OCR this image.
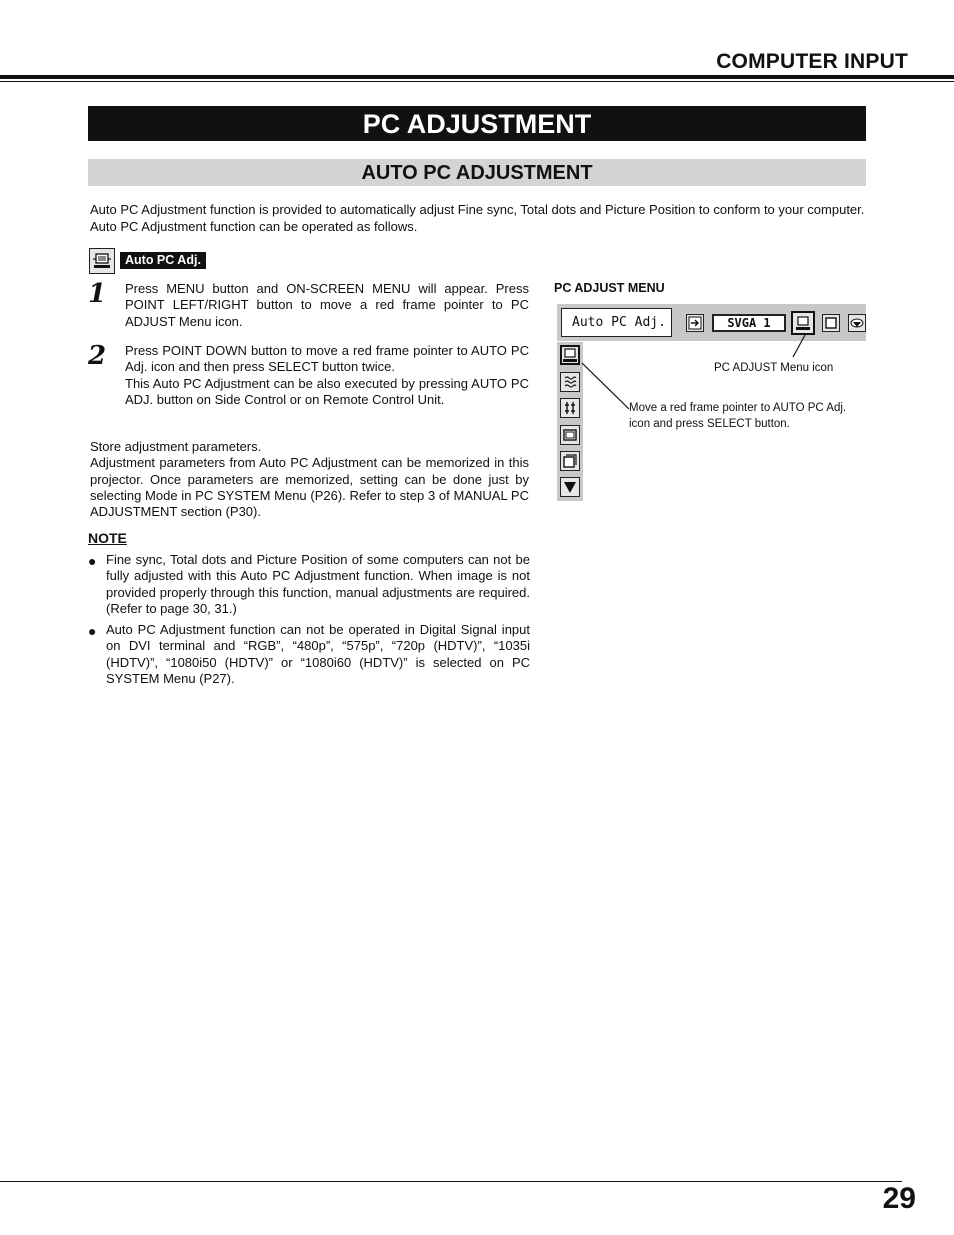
COMPUTER INPUT
PC ADJUSTMENT
AUTO PC ADJUSTMENT
Auto PC Adjustment function is provided to automatically adjust Fine sync, Total dots and Picture Position to conform to your computer. Auto PC Adjustment function can be operated as follows.
Auto PC Adj.
1 Press MENU button and ON-SCREEN MENU will appear. Press POINT LEFT/RIGHT button to move a red frame pointer to PC ADJUST Menu icon.
2 Press POINT DOWN button to move a red frame pointer to AUTO PC Adj. icon and then press SELECT button twice.
This Auto PC Adjustment can be also executed by pressing AUTO PC ADJ. button on Side Control or on Remote Control Unit.
Store adjustment parameters.
Adjustment parameters from Auto PC Adjustment can be memorized in this projector. Once parameters are memorized, setting can be done just by selecting Mode in PC SYSTEM Menu (P26). Refer to step 3 of MANUAL PC ADJUSTMENT section (P30).
NOTE
● Fine sync, Total dots and Picture Position of some computers can not be fully adjusted with this Auto PC Adjustment function. When image is not provided properly through this function, manual adjustments are required. (Refer to page 30, 31.)
● Auto PC Adjustment function can not be operated in Digital Signal input on DVI terminal and “RGB”, “480p”, “575p”, “720p (HDTV)”, “1035i (HDTV)”, “1080i50 (HDTV)” or “1080i60 (HDTV)” is selected on PC SYSTEM Menu (P27).
PC ADJUST MENU
Auto PC Adj.	SVGA 1
PC ADJUST Menu icon
Move a red frame pointer to AUTO PC Adj. icon and press SELECT button.
29
